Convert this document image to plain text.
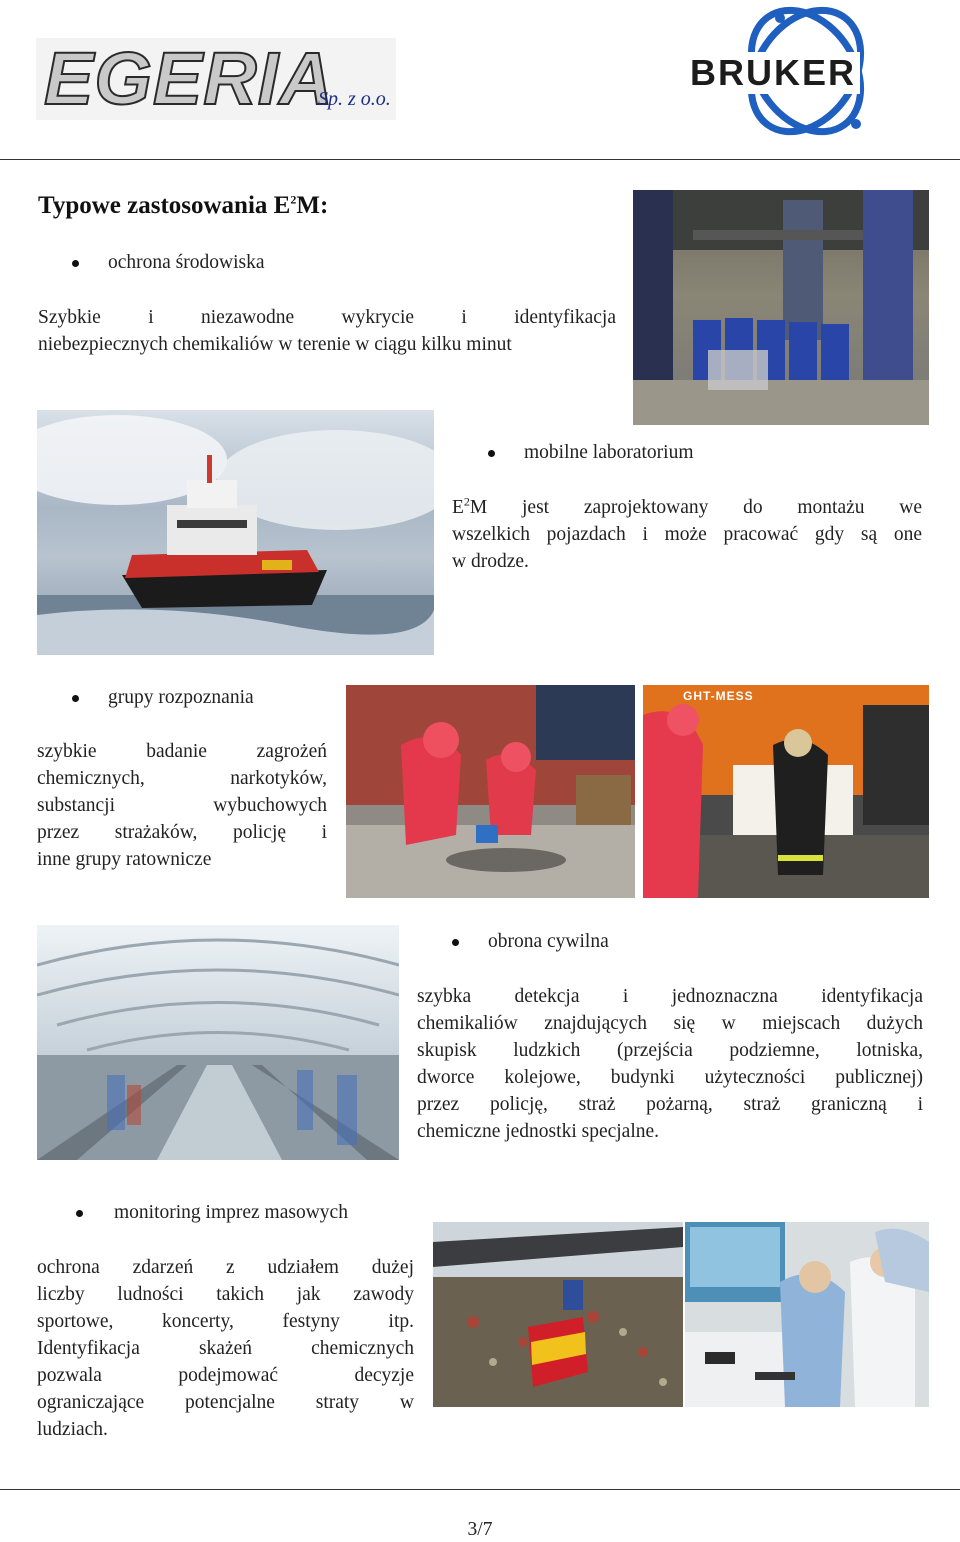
EGERIA
Sp. z o.o.
BRUKER
Typowe zastosowania $E^2M$:
ochrona środowiska
Szybkie i niezawodne wykrycie i identyfikacja
niebezpiecznych chemikaliów w terenie w ciągu kilku minut
mobilne laboratorium
$E^2M$ jest zaprojektowany do montażu we
wszelkich pojazdach i może pracować gdy są one
w drodze.
grupy rozpoznania
szybkie badanie zagrożeń
chemicznych, narkotyków,
substancji wybuchowych
przez strażaków, policję i
inne grupy ratownicze
GHT-MESS
obrona cywilna
szybka detekcja i jednoznaczna identyfikacja
chemikaliów znajdujących się w miejscach dużych
skupisk ludzkich (przejścia podziemne, lotniska,
dworce kolejowe, budynki użyteczności publicznej)
przez policję, straż pożarną, straż graniczną i
chemiczne jednostki specjalne.
monitoring imprez masowych
ochrona zdarzeń z udziałem dużej
liczby ludności takich jak zawody
sportowe, koncerty, festyny itp.
Identyfikacja skażeń chemicznych
pozwala podejmować decyzje
ograniczające potencjalne straty w
ludziach.
3/7
